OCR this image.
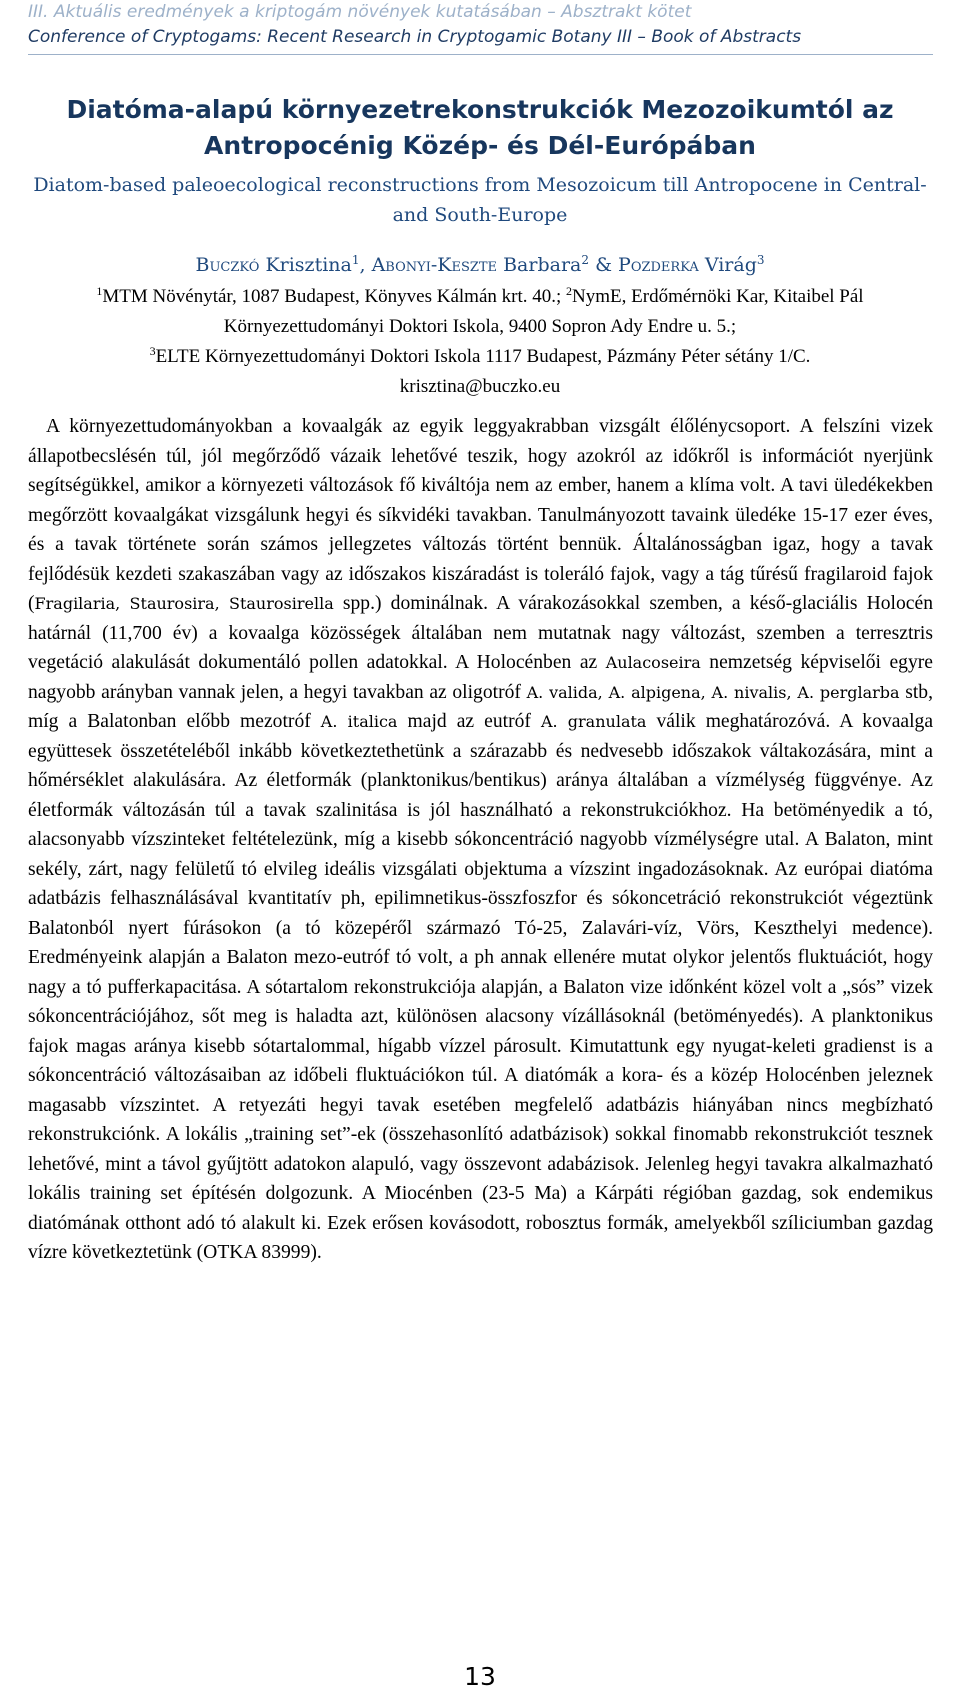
III. Aktuális eredmények a kriptogám növények kutatásában – Absztrakt kötet
Conference of Cryptogams: Recent Research in Cryptogamic Botany III – Book of Abstracts
Diatóma-alapú környezetrekonstrukciók Mezozoikumtól az Antropocénig Közép- és Dél-Európában

Diatom-based paleoecological reconstructions from Mesozoicum till Antropocene in Central- and South-Europe

Buczkó Krisztina$^1$, Abonyi-Keszte Barbara$^2$ & Pozderka Virág$^3$
$^1$MTM Növénytár, 1087 Budapest, Könyves Kálmán krt. 40.; $^2$NymE, Erdőmérnöki Kar, Kitaibel Pál Környezettudományi Doktori Iskola, 9400 Sopron Ady Endre u. 5.;
$^3$ELTE Környezettudományi Doktori Iskola 1117 Budapest, Pázmány Péter sétány 1/C.
krisztina@buczko.eu

A környezettudományokban a kovaalgák az egyik leggyakrabban vizsgált élőlénycsoport. A felszíni vizek állapotbecslésén túl, jól megőrződő vázaik lehetővé teszik, hogy azokról az időkről is információt nyerjünk segítségükkel, amikor a környezeti változások fő kiváltója nem az ember, hanem a klíma volt. A tavi üledékekben megőrzött kovaalgákat vizsgálunk hegyi és síkvidéki tavakban. Tanulmányozott tavaink üledéke 15-17 ezer éves, és a tavak története során számos jellegzetes változás történt bennük. Általánosságban igaz, hogy a tavak fejlődésük kezdeti szakaszában vagy az időszakos kiszáradást is toleráló fajok, vagy a tág tűrésű fragilaroid fajok (Fragilaria, Staurosira, Staurosirella spp.) dominálnak. A várakozásokkal szemben, a késő-glaciális Holocén határnál (11,700 év) a kovaalga közösségek általában nem mutatnak nagy változást, szemben a terresztris vegetáció alakulását dokumentáló pollen adatokkal. A Holocénben az Aulacoseira nemzetség képviselői egyre nagyobb arányban vannak jelen, a hegyi tavakban az oligotróf A. valida, A. alpigena, A. nivalis, A. perglarba stb, míg a Balatonban előbb mezotróf A. italica majd az eutróf A. granulata válik meghatározóvá. A kovaalga együttesek összetételéből inkább következtethetünk a szárazabb és nedvesebb időszakok váltakozására, mint a hőmérséklet alakulására. Az életformák (planktonikus/bentikus) aránya általában a vízmélység függvénye. Az életformák változásán túl a tavak szalinitása is jól használható a rekonstrukciókhoz. Ha betöményedik a tó, alacsonyabb vízszinteket feltételezünk, míg a kisebb sókoncentráció nagyobb vízmélységre utal. A Balaton, mint sekély, zárt, nagy felületű tó elvileg ideális vizsgálati objektuma a vízszint ingadozásoknak. Az európai diatóma adatbázis felhasználásával kvantitatív ph, epilimnetikus-összfoszfor és sókoncetráció rekonstrukciót végeztünk Balatonból nyert fúrásokon (a tó közepéről származó Tó-25, Zalavári-víz, Vörs, Keszthelyi medence). Eredményeink alapján a Balaton mezo-eutróf tó volt, a ph annak ellenére mutat olykor jelentős fluktuációt, hogy nagy a tó pufferkapacitása. A sótartalom rekonstrukciója alapján, a Balaton vize időnként közel volt a „sós” vizek sókoncentrációjához, sőt meg is haladta azt, különösen alacsony vízállásoknál (betöményedés). A planktonikus fajok magas aránya kisebb sótartalommal, hígabb vízzel párosult. Kimutattunk egy nyugat-keleti gradienst is a sókoncentráció változásaiban az időbeli fluktuációkon túl. A diatómák a kora- és a közép Holocénben jeleznek magasabb vízszintet. A retyezáti hegyi tavak esetében megfelelő adatbázis hiányában nincs megbízható rekonstrukciónk. A lokális „training set”-ek (összehasonlító adatbázisok) sokkal finomabb rekonstrukciót tesznek lehetővé, mint a távol gyűjtött adatokon alapuló, vagy összevont adabázisok. Jelenleg hegyi tavakra alkalmazható lokális training set építésén dolgozunk. A Miocénben (23-5 Ma) a Kárpáti régióban gazdag, sok endemikus diatómának otthont adó tó alakult ki. Ezek erősen kovásodott, robosztus formák, amelyekből szíliciumban gazdag vízre következtetünk (OTKA 83999).

13
